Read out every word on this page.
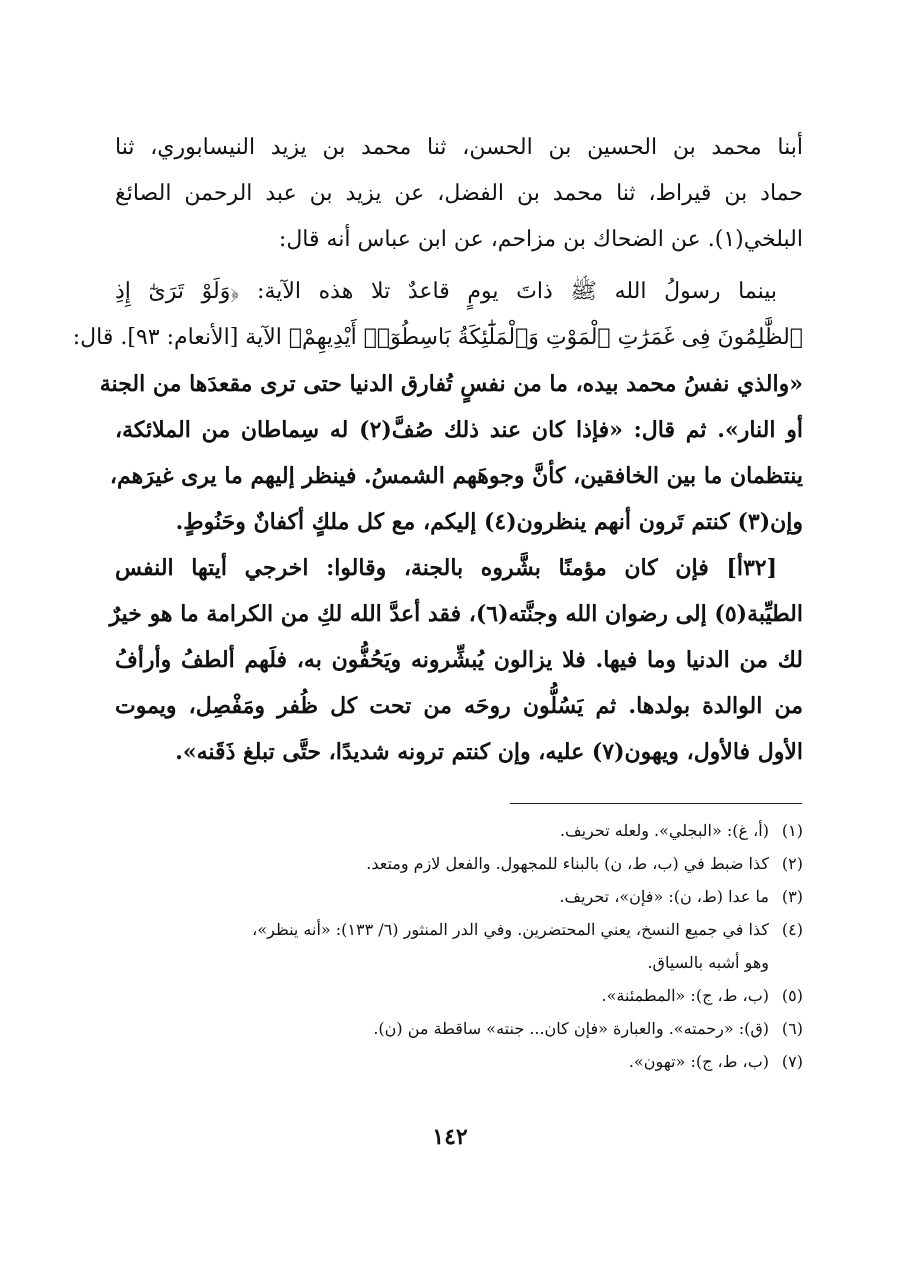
أبنا محمد بن الحسين بن الحسن، ثنا محمد بن يزيد النيسابوري، ثنا
حماد بن قيراط، ثنا محمد بن الفضل، عن يزيد بن عبد الرحمن الصائغ
البلخي(١). عن الضحاك بن مزاحم، عن ابن عباس أنه قال:
بينما رسولُ الله ﷺ ذاتَ يومٍ قاعدٌ تلا هذه الآية: ﴿وَلَوْ تَرَىٰٓ إِذِ
ٱلظَّٰلِمُونَ فِى غَمَرَٰتِ ٱلْمَوْتِ وَٱلْمَلَٰٓئِكَةُ بَاسِطُوٓا۟ أَيْدِيهِمْ﴾ الآية [الأنعام: ٩٣]. قال:
«والذي نفسُ محمد بيده، ما من نفسٍ تُفارق الدنيا حتى ترى مقعدَها من الجنة
أو النار». ثم قال: «فإذا كان عند ذلك صُفَّ(٢) له سِماطان من الملائكة،
ينتظمان ما بين الخافقين، كأنَّ وجوهَهم الشمسُ. فينظر إليهم ما يرى غيرَهم،
وإن(٣) كنتم تَرون أنهم ينظرون(٤) إليكم، مع كل ملكٍ أكفانٌ وحَنُوطٍ.
[٣٢أ] فإن كان مؤمنًا بشَّروه بالجنة، وقالوا: اخرجي أيتها النفس
الطيِّبة(٥) إلى رضوان الله وجنَّته(٦)، فقد أعدَّ الله لكِ من الكرامة ما هو خيرٌ
لك من الدنيا وما فيها. فلا يزالون يُبشِّرونه ويَحُفُّون به، فلَهم ألطفُ وأرأفُ
من الوالدة بولدها. ثم يَسُلُّون روحَه من تحت كل ظُفر ومَفْصِل، ويموت
الأول فالأول، ويهون(٧) عليه، وإن كنتم ترونه شديدًا، حتَّى تبلغ ذَقَنه».
(١)(أ، غ): «البجلي». ولعله تحريف.
(٢)كذا ضبط في (ب، ط، ن) بالبناء للمجهول. والفعل لازم ومتعد.
(٣)ما عدا (ط، ن): «فإن»، تحريف.
(٤)كذا في جميع النسخ، يعني المحتضرين. وفي الدر المنثور (٦/ ١٣٣): «أنه ينظر»،
وهو أشبه بالسياق.
(٥)(ب، ط، ج): «المطمئنة».
(٦)(ق): «رحمته». والعبارة «فإن كان... جنته» ساقطة من (ن).
(٧)(ب، ط، ج): «تهون».
١٤٢
